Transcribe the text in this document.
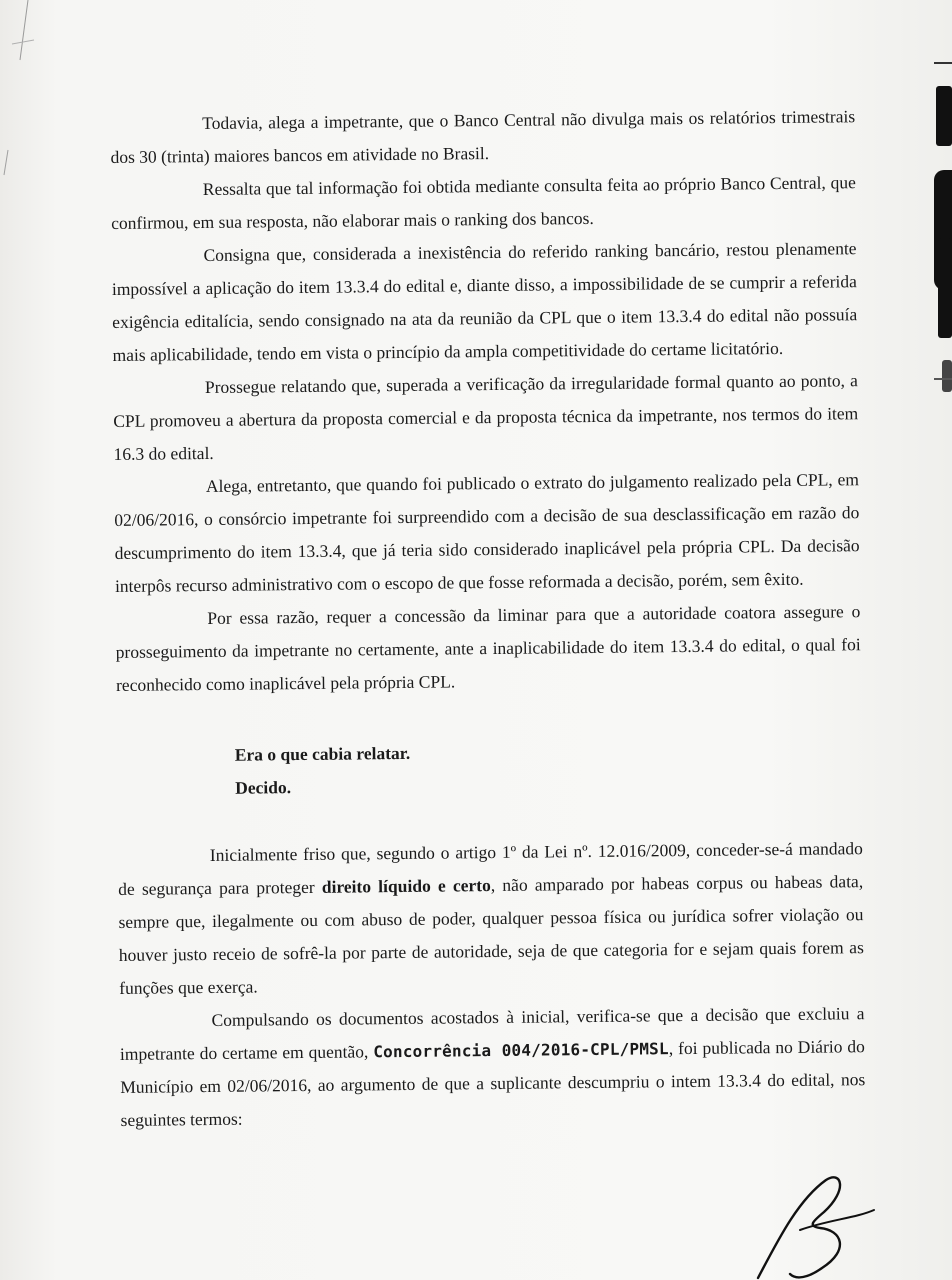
Todavia, alega a impetrante, que o Banco Central não divulga mais os relatórios trimestrais dos 30 (trinta) maiores bancos em atividade no Brasil.

Ressalta que tal informação foi obtida mediante consulta feita ao próprio Banco Central, que confirmou, em sua resposta, não elaborar mais o ranking dos bancos.

Consigna que, considerada a inexistência do referido ranking bancário, restou plenamente impossível a aplicação do item 13.3.4 do edital e, diante disso, a impossibilidade de se cumprir a referida exigência editalícia, sendo consignado na ata da reunião da CPL que o item 13.3.4 do edital não possuía mais aplicabilidade, tendo em vista o princípio da ampla competitividade do certame licitatório.

Prossegue relatando que, superada a verificação da irregularidade formal quanto ao ponto, a CPL promoveu a abertura da proposta comercial e da proposta técnica da impetrante, nos termos do item 16.3 do edital.

Alega, entretanto, que quando foi publicado o extrato do julgamento realizado pela CPL, em 02/06/2016, o consórcio impetrante foi surpreendido com a decisão de sua desclassificação em razão do descumprimento do item 13.3.4, que já teria sido considerado inaplicável pela própria CPL. Da decisão interpôs recurso administrativo com o escopo de que fosse reformada a decisão, porém, sem êxito.

Por essa razão, requer a concessão da liminar para que a autoridade coatora assegure o prosseguimento da impetrante no certamente, ante a inaplicabilidade do item 13.3.4 do edital, o qual foi reconhecido como inaplicável pela própria CPL.

Era o que cabia relatar.
Decido.

Inicialmente friso que, segundo o artigo 1º da Lei nº. 12.016/2009, conceder-se-á mandado de segurança para proteger direito líquido e certo, não amparado por habeas corpus ou habeas data, sempre que, ilegalmente ou com abuso de poder, qualquer pessoa física ou jurídica sofrer violação ou houver justo receio de sofrê-la por parte de autoridade, seja de que categoria for e sejam quais forem as funções que exerça.

Compulsando os documentos acostados à inicial, verifica-se que a decisão que excluiu a impetrante do certame em quentão, Concorrência 004/2016-CPL/PMSL, foi publicada no Diário do Município em 02/06/2016, ao argumento de que a suplicante descumpriu o intem 13.3.4 do edital, nos seguintes termos:
